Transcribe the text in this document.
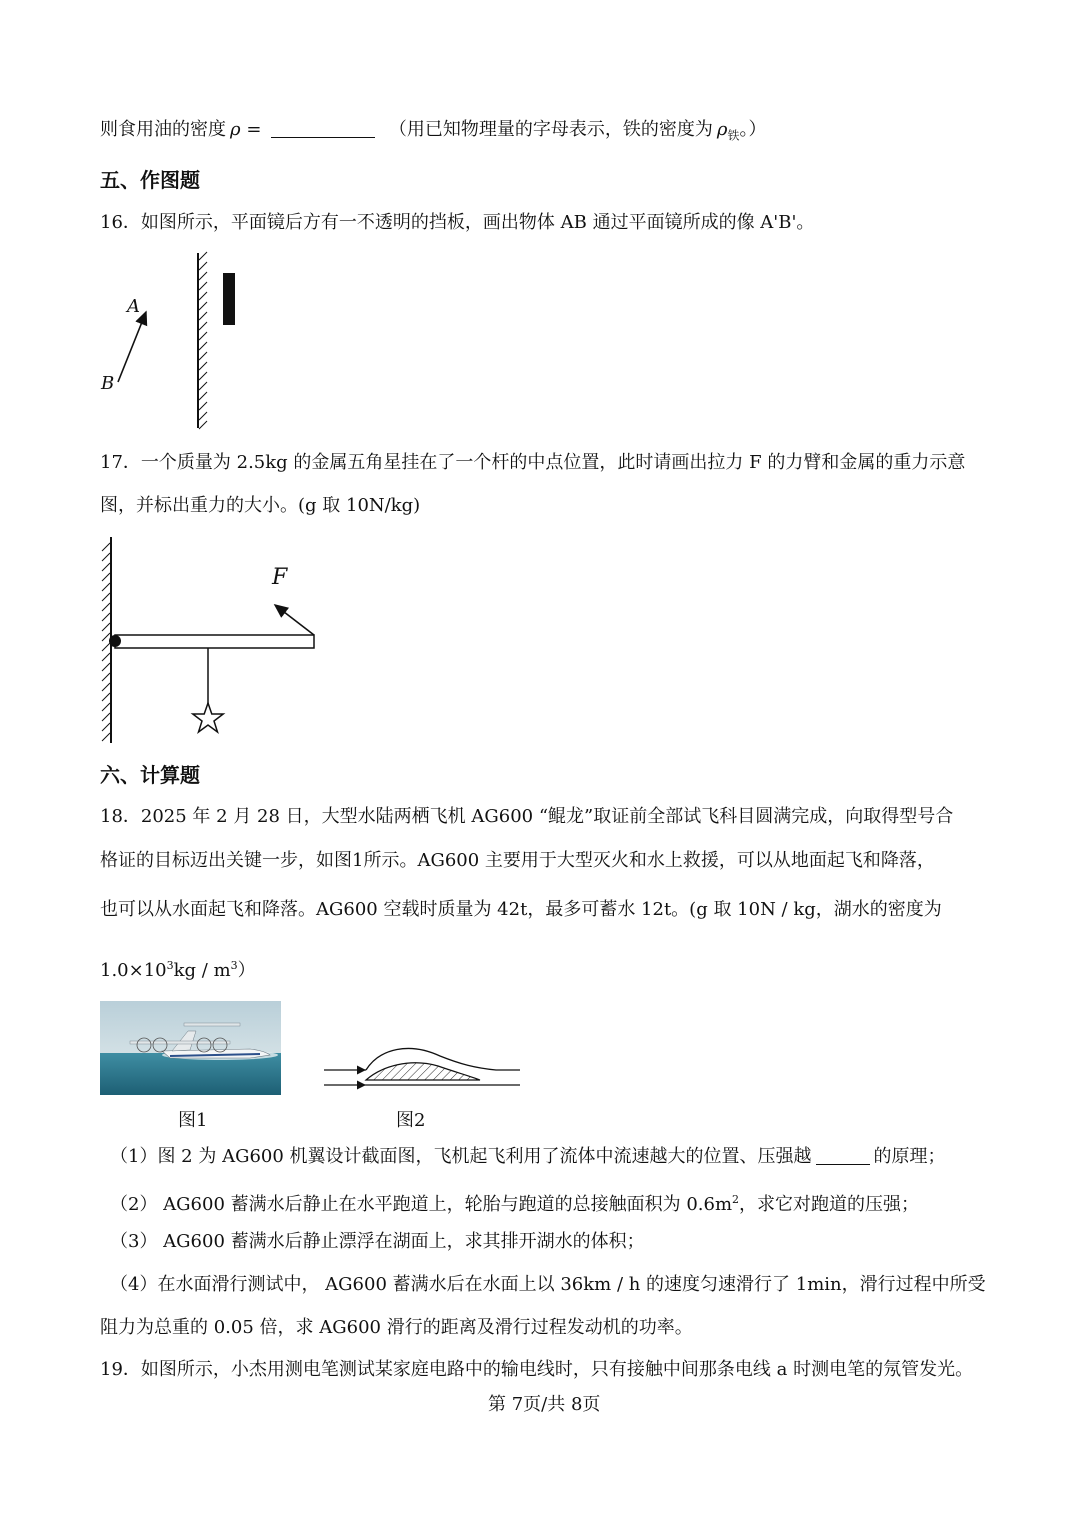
则食用油的密度 ρ =	（用已知物理量的字母表示，铁的密度为 $\rho_铁$。）
五、作图题
16．如图所示，平面镜后方有一不透明的挡板，画出物体 AB 通过平面镜所成的像 A'B'。
A
B
17．一个质量为 2.5kg 的金属五角星挂在了一个杆的中点位置，此时请画出拉力 F 的力臂和金属的重力示意
图，并标出重力的大小。(g 取 10N/kg)
F
六、计算题
18．2025 年 2 月 28 日，大型水陆两栖飞机 AG600 “鲲龙”取证前全部试飞科目圆满完成，向取得型号合
格证的目标迈出关键一步，如图1所示。AG600 主要用于大型灭火和水上救援，可以从地面起飞和降落，
也可以从水面起飞和降落。AG600 空载时质量为 42t，最多可蓄水 12t。(g 取 10N / kg，湖水的密度为
$1.0\times 10^3kg / m^3$）
图1	图2
（1）图 2 为 AG600 机翼设计截面图，飞机起飞利用了流体中流速越大的位置、压强越	的原理；
（2） AG600 蓄满水后静止在水平跑道上，轮胎与跑道的总接触面积为 $0.6m^2$，求它对跑道的压强；
（3） AG600 蓄满水后静止漂浮在湖面上，求其排开湖水的体积；
（4）在水面滑行测试中， AG600 蓄满水后在水面上以 36km / h 的速度匀速滑行了 1min，滑行过程中所受
阻力为总重的 0.05 倍，求 AG600 滑行的距离及滑行过程发动机的功率。
19．如图所示，小杰用测电笔测试某家庭电路中的输电线时，只有接触中间那条电线 a 时测电笔的氖管发光。
第 7页/共 8页
